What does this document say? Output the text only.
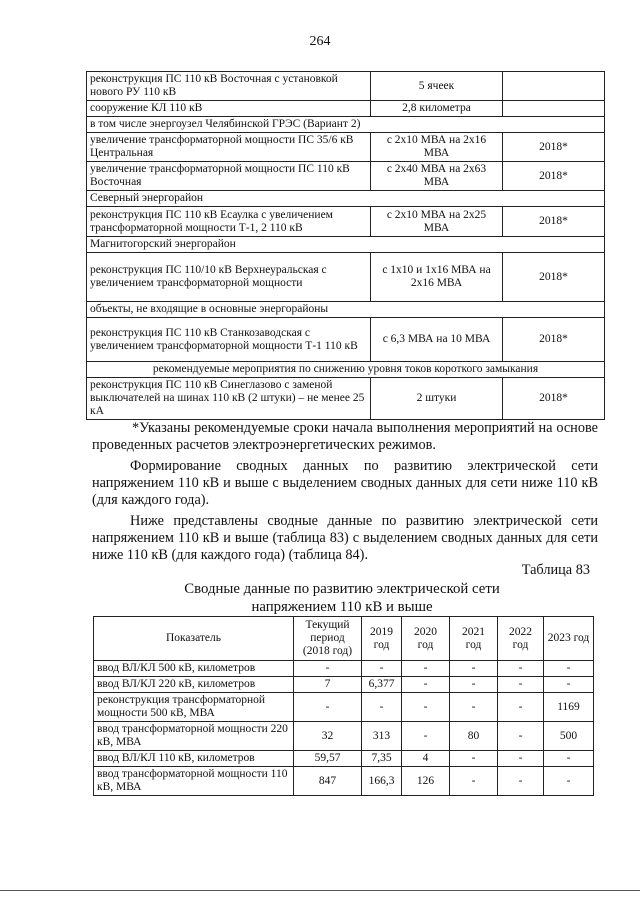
264
реконструкция ПС 110 кВ Восточная с установкой нового РУ 110 кВ	5 ячеек	
сооружение КЛ 110 кВ	2,8 километра	
в том числе энергоузел Челябинской ГРЭС (Вариант 2)		
увеличение трансформаторной мощности ПС 35/6 кВ Центральная	с 2x10 МВА на 2x16 МВА	2018*
увеличение трансформаторной мощности ПС 110 кВ Восточная	с 2x40 МВА на 2x63 МВА	2018*
Северный энергорайон		
реконструкция ПС 110 кВ Есаулка с увеличением трансформаторной мощности Т-1, 2 110 кВ	с 2x10 МВА на 2x25 МВА	2018*
Магнитогорский энергорайон		
реконструкция ПС 110/10 кВ Верхнеуральская с увеличением трансформаторной мощности	с 1x10 и 1x16 МВА на 2x16 МВА	2018*
объекты, не входящие в основные энергорайоны		
реконструкция ПС 110 кВ Станкозаводская с увеличением трансформаторной мощности Т-1 110 кВ	с 6,3 МВА на 10 МВА	2018*
рекомендуемые мероприятия по снижению уровня токов короткого замыкания		
реконструкция ПС 110 кВ Синеглазово с заменой выключателей на шинах 110 кВ (2 штуки) – не менее 25 кА	2 штуки	2018*

*Указаны рекомендуемые сроки начала выполнения мероприятий на основе проведенных расчетов электроэнергетических режимов.

Формирование сводных данных по развитию электрической сети напряжением 110 кВ и выше с выделением сводных данных для сети ниже 110 кВ (для каждого года).

Ниже представлены сводные данные по развитию электрической сети напряжением 110 кВ и выше (таблица 83) с выделением сводных данных для сети ниже 110 кВ (для каждого года) (таблица 84).

Таблица 83
Сводные данные по развитию электрической сети
напряжением 110 кВ и выше
Показатель	Текущий период (2018 год)	2019 год	2020 год	2021 год	2022 год	2023 год
ввод ВЛ/КЛ 500 кВ, километров	-	-	-	-	-	-
ввод ВЛ/КЛ 220 кВ, километров	7	6,377	-	-	-	-
реконструкция трансформаторной мощности 500 кВ, МВА	-	-	-	-	-	1169
ввод трансформаторной мощности 220 кВ, МВА	32	313	-	80	-	500
ввод ВЛ/КЛ 110 кВ, километров	59,57	7,35	4	-	-	-
ввод трансформаторной мощности 110 кВ, МВА	847	166,3	126	-	-	-
